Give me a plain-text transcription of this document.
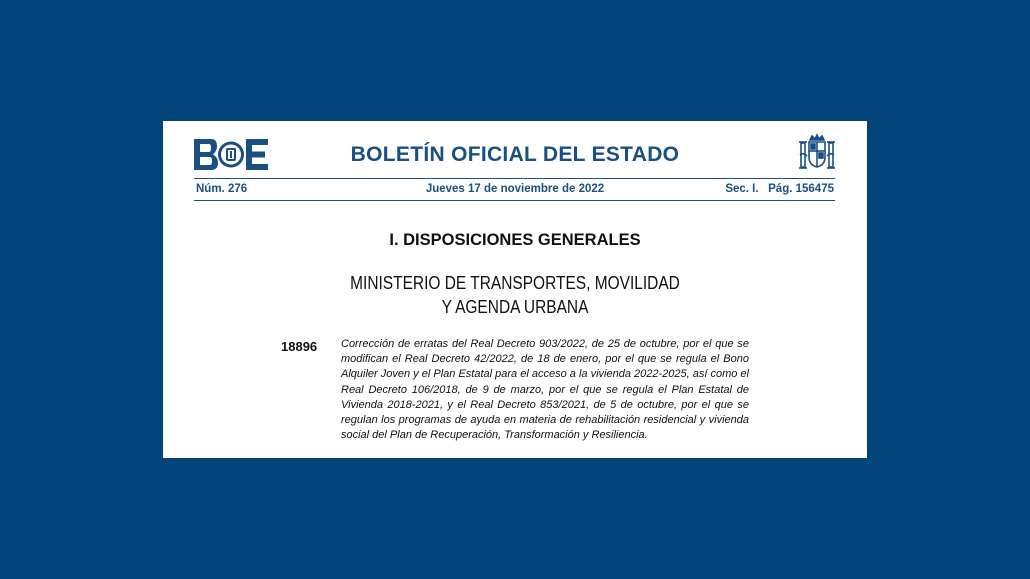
BOLETÍN OFICIAL DEL ESTADO
Núm. 276	Jueves 17 de noviembre de 2022	Sec. I.   Pág. 156475
I. DISPOSICIONES GENERALES
MINISTERIO DE TRANSPORTES, MOVILIDAD
Y AGENDA URBANA
18896 Corrección de erratas del Real Decreto 903/2022, de 25 de octubre, por el que se modifican el Real Decreto 42/2022, de 18 de enero, por el que se regula el Bono Alquiler Joven y el Plan Estatal para el acceso a la vivienda 2022-2025, así como el Real Decreto 106/2018, de 9 de marzo, por el que se regula el Plan Estatal de Vivienda 2018-2021, y el Real Decreto 853/2021, de 5 de octubre, por el que se regulan los programas de ayuda en materia de rehabilitación residencial y vivienda social del Plan de Recuperación, Transformación y Resiliencia.
